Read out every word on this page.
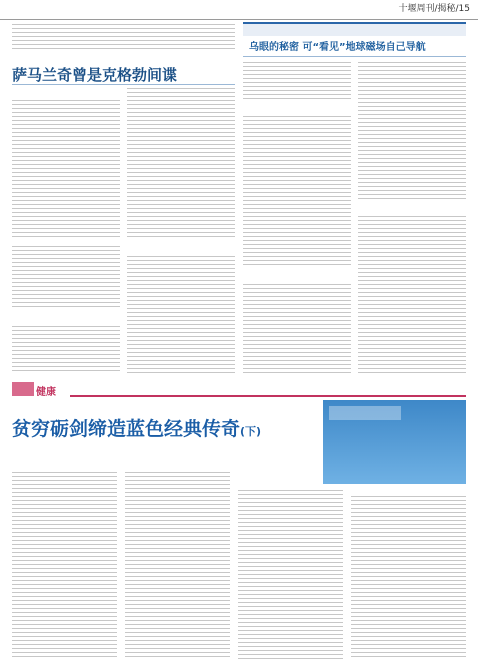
十堰周刊/揭秘/15
萨马兰奇曾是克格勃间谍
乌眼的秘密 可“看见”地球磁场自己导航
健康
贫穷砺剑缔造蓝色经典传奇(下)
